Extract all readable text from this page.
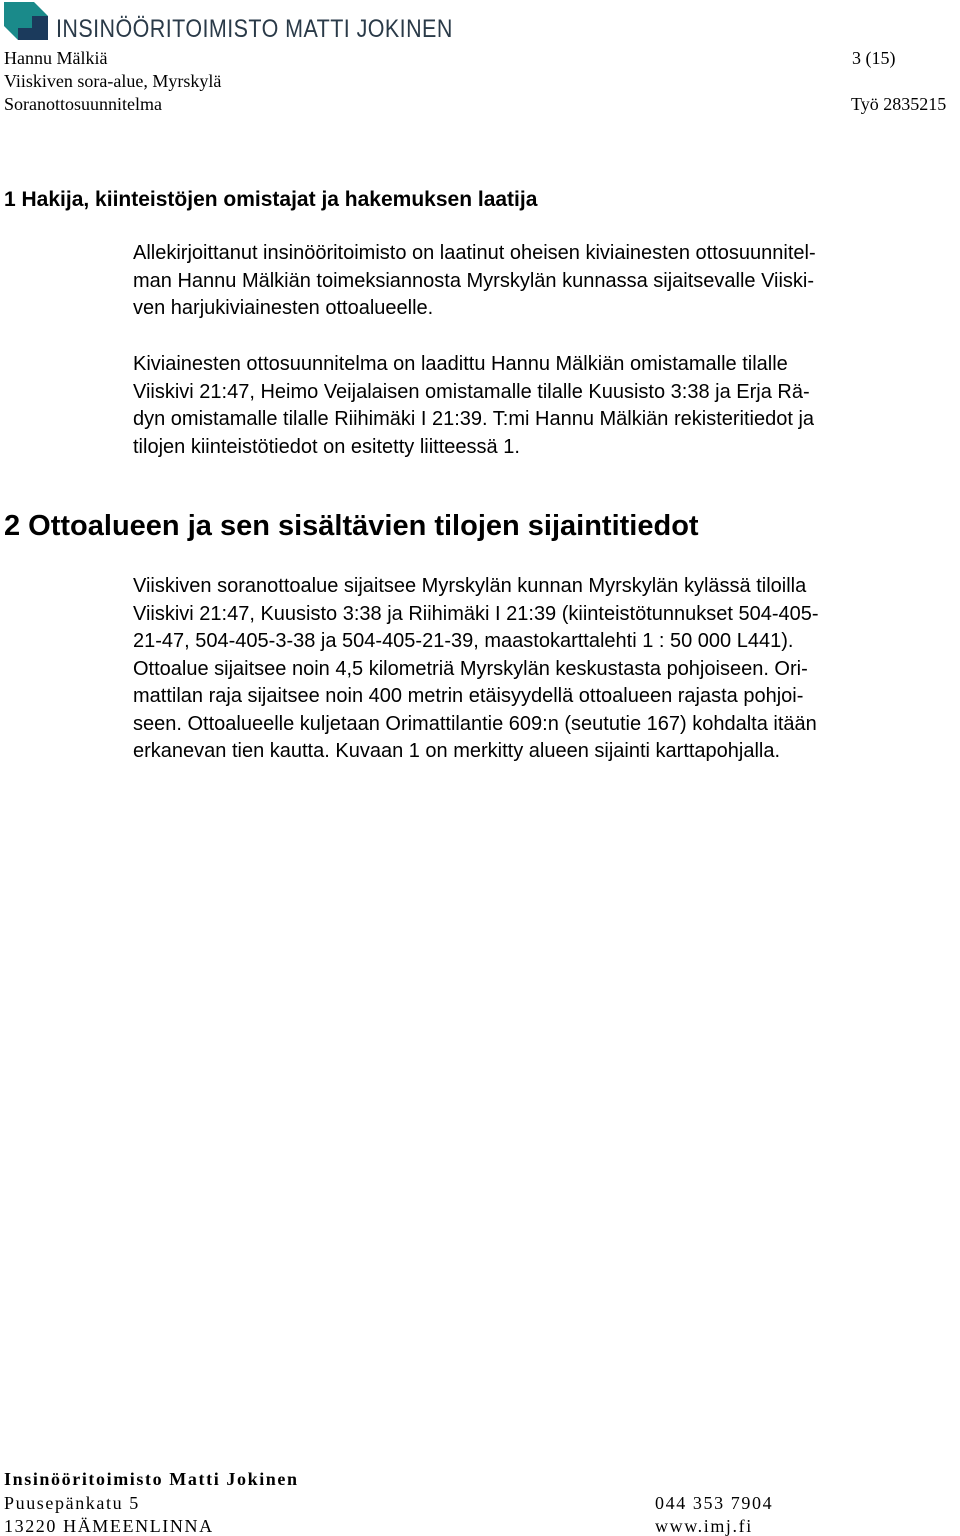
INSINÖÖRITOIMISTO MATTI JOKINEN
Hannu Mälkiä
Viiskiven sora-alue, Myrskylä
Soranottosuunnitelma
3 (15)
Työ 2835215
1 Hakija, kiinteistöjen omistajat ja hakemuksen laatija
Allekirjoittanut insinööritoimisto on laatinut oheisen kiviainesten ottosuunnitel-
man Hannu Mälkiän toimeksiannosta Myrskylän kunnassa sijaitsevalle Viiski-
ven harjukiviainesten ottoalueelle.
Kiviainesten ottosuunnitelma on laadittu Hannu Mälkiän omistamalle tilalle
Viiskivi 21:47, Heimo Veijalaisen omistamalle tilalle Kuusisto 3:38 ja Erja Rä-
dyn omistamalle tilalle Riihimäki I 21:39. T:mi Hannu Mälkiän rekisteritiedot ja
tilojen kiinteistötiedot on esitetty liitteessä 1.
2 Ottoalueen ja sen sisältävien tilojen sijaintitiedot
Viiskiven soranottoalue sijaitsee Myrskylän kunnan Myrskylän kylässä tiloilla
Viiskivi 21:47, Kuusisto 3:38 ja Riihimäki I 21:39 (kiinteistötunnukset 504-405-
21-47, 504-405-3-38 ja 504-405-21-39, maastokarttalehti 1 : 50 000 L441).
Ottoalue sijaitsee noin 4,5 kilometriä Myrskylän keskustasta pohjoiseen. Ori-
mattilan raja sijaitsee noin 400 metrin etäisyydellä ottoalueen rajasta pohjoi-
seen. Ottoalueelle kuljetaan Orimattilantie 609:n (seututie 167) kohdalta itään
erkanevan tien kautta. Kuvaan 1 on merkitty alueen sijainti karttapohjalla.
Insinööritoimisto Matti Jokinen
Puusepänkatu 5
13220 HÄMEENLINNA
044 353 7904
www.imj.fi
